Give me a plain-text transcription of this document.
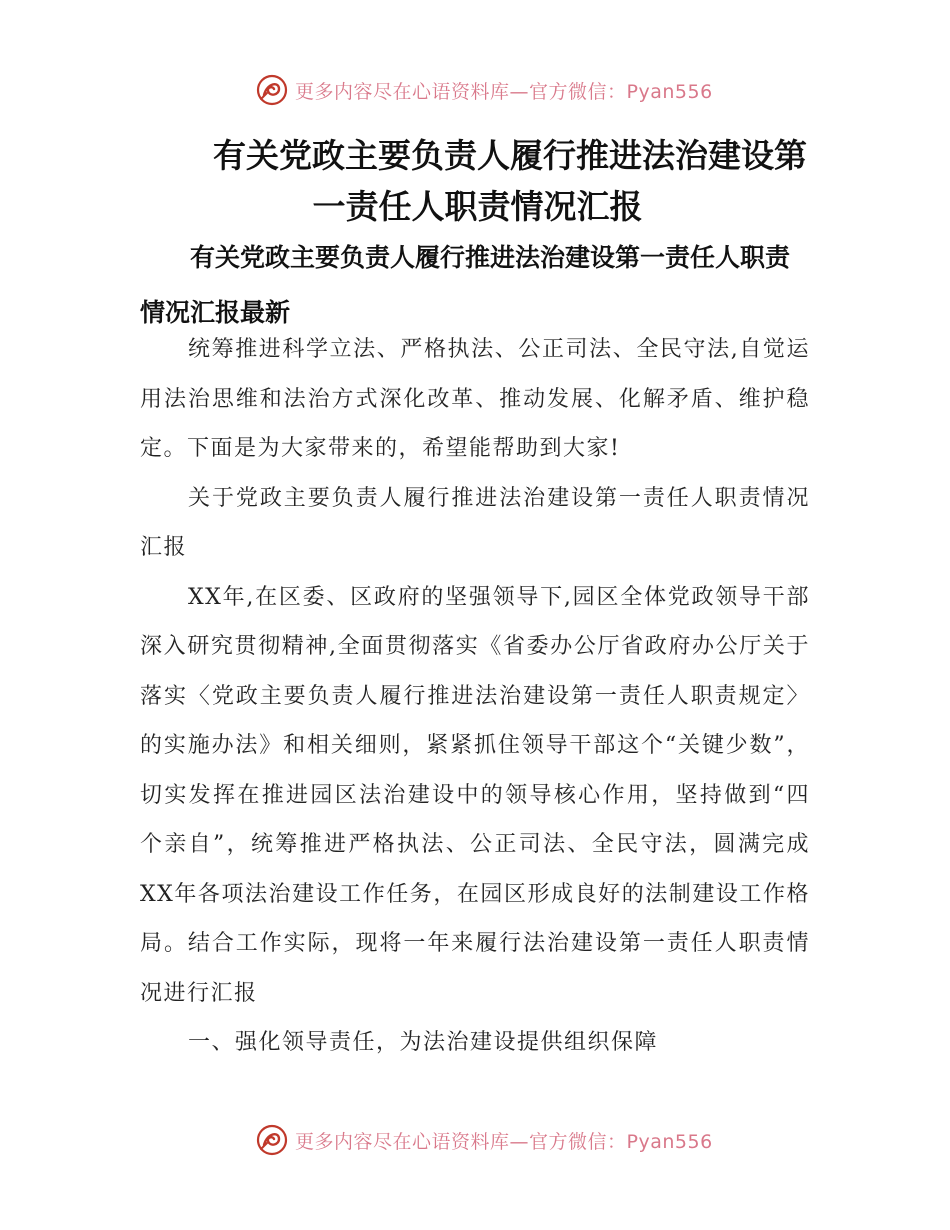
更多内容尽在心语资料库—官方微信：Pyan556
有关党政主要负责人履行推进法治建设第
一责任人职责情况汇报

有关党政主要负责人履行推进法治建设第一责任人职责情况汇报最新

统筹推进科学立法、严格执法、公正司法、全民守法,自觉运用法治思维和法治方式深化改革、推动发展、化解矛盾、维护稳定。下面是为大家带来的，希望能帮助到大家!

关于党政主要负责人履行推进法治建设第一责任人职责情况汇报

XX年,在区委、区政府的坚强领导下,园区全体党政领导干部深入研究贯彻精神,全面贯彻落实《省委办公厅省政府办公厅关于落实〈党政主要负责人履行推进法治建设第一责任人职责规定〉的实施办法》和相关细则，紧紧抓住领导干部这个“关键少数”，切实发挥在推进园区法治建设中的领导核心作用，坚持做到“四个亲自”，统筹推进严格执法、公正司法、全民守法，圆满完成XX年各项法治建设工作任务，在园区形成良好的法制建设工作格局。结合工作实际，现将一年来履行法治建设第一责任人职责情况进行汇报

一、强化领导责任，为法治建设提供组织保障

更多内容尽在心语资料库—官方微信：Pyan556
